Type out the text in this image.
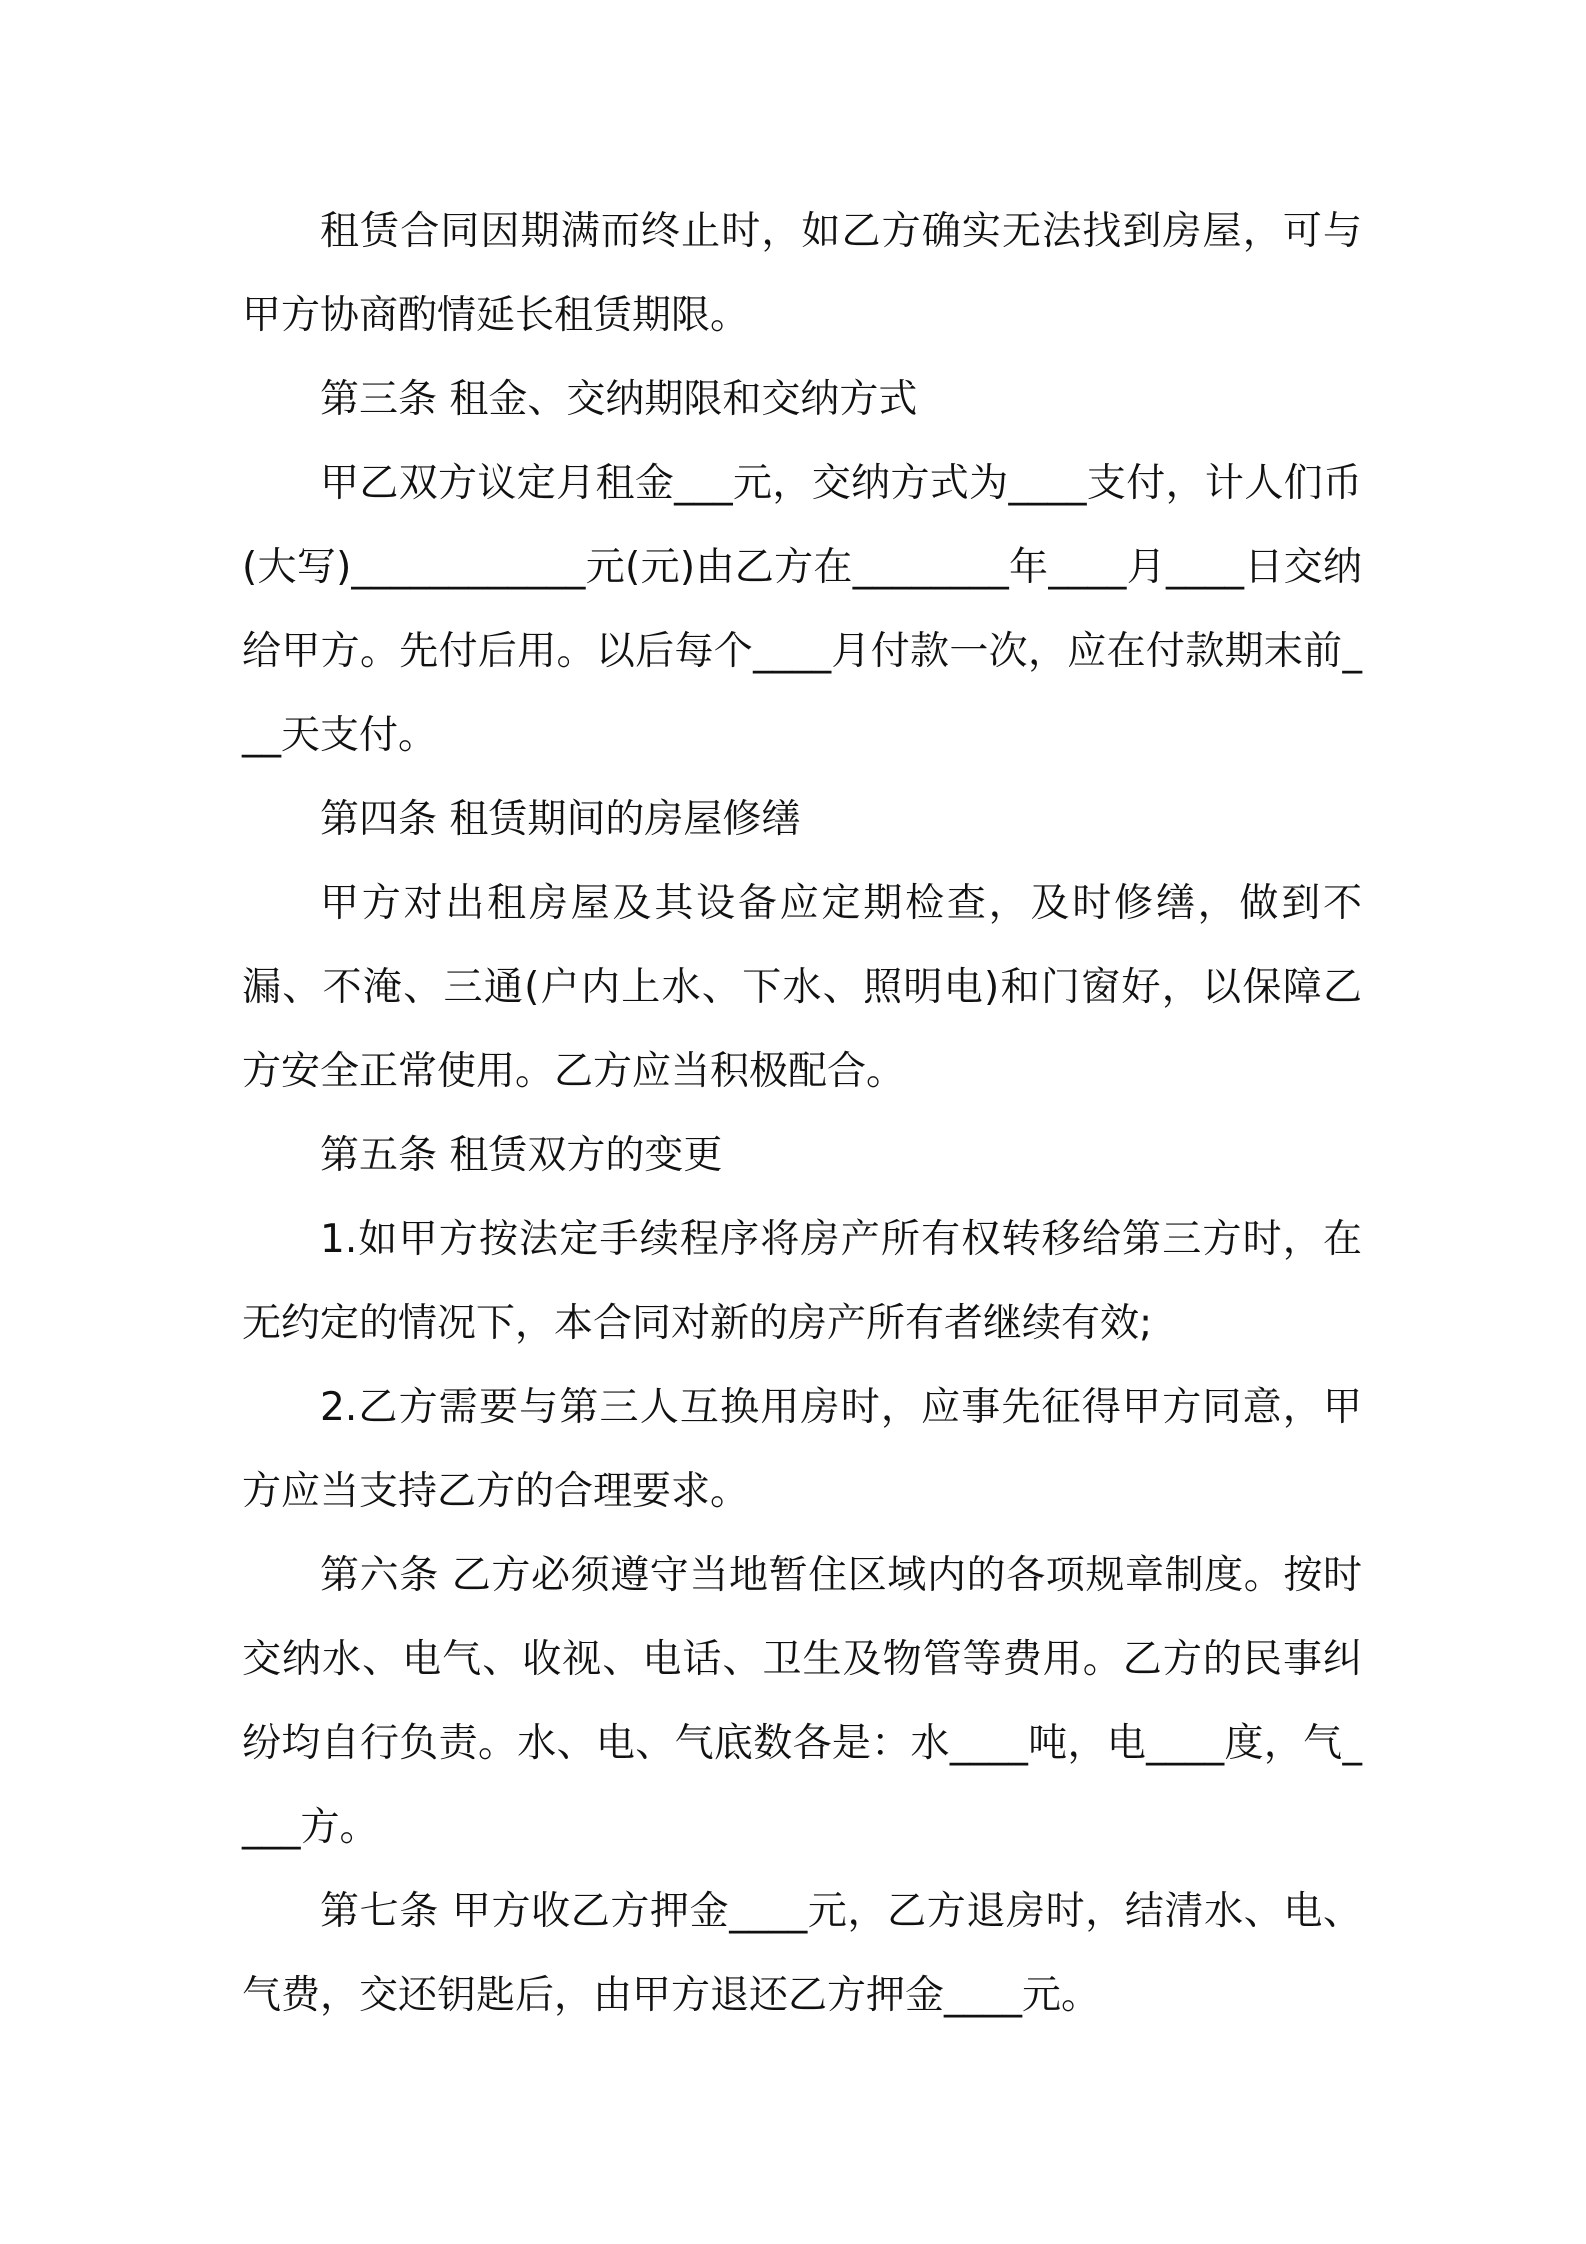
租赁合同因期满而终止时，如乙方确实无法找到房屋，可与甲方协商酌情延长租赁期限。

第三条 租金、交纳期限和交纳方式

甲乙双方议定月租金___元，交纳方式为____支付，计人们币(大写)____________元(元)由乙方在________年____月____日交纳给甲方。先付后用。以后每个____月付款一次，应在付款期末前___天支付。

第四条 租赁期间的房屋修缮

甲方对出租房屋及其设备应定期检查，及时修缮，做到不漏、不淹、三通(户内上水、下水、照明电)和门窗好，以保障乙方安全正常使用。乙方应当积极配合。

第五条 租赁双方的变更

1.如甲方按法定手续程序将房产所有权转移给第三方时，在无约定的情况下，本合同对新的房产所有者继续有效;

2.乙方需要与第三人互换用房时，应事先征得甲方同意，甲方应当支持乙方的合理要求。

第六条 乙方必须遵守当地暂住区域内的各项规章制度。按时交纳水、电气、收视、电话、卫生及物管等费用。乙方的民事纠纷均自行负责。水、电、气底数各是：水____吨，电____度，气____方。

第七条 甲方收乙方押金____元，乙方退房时，结清水、电、气费，交还钥匙后，由甲方退还乙方押金____元。
